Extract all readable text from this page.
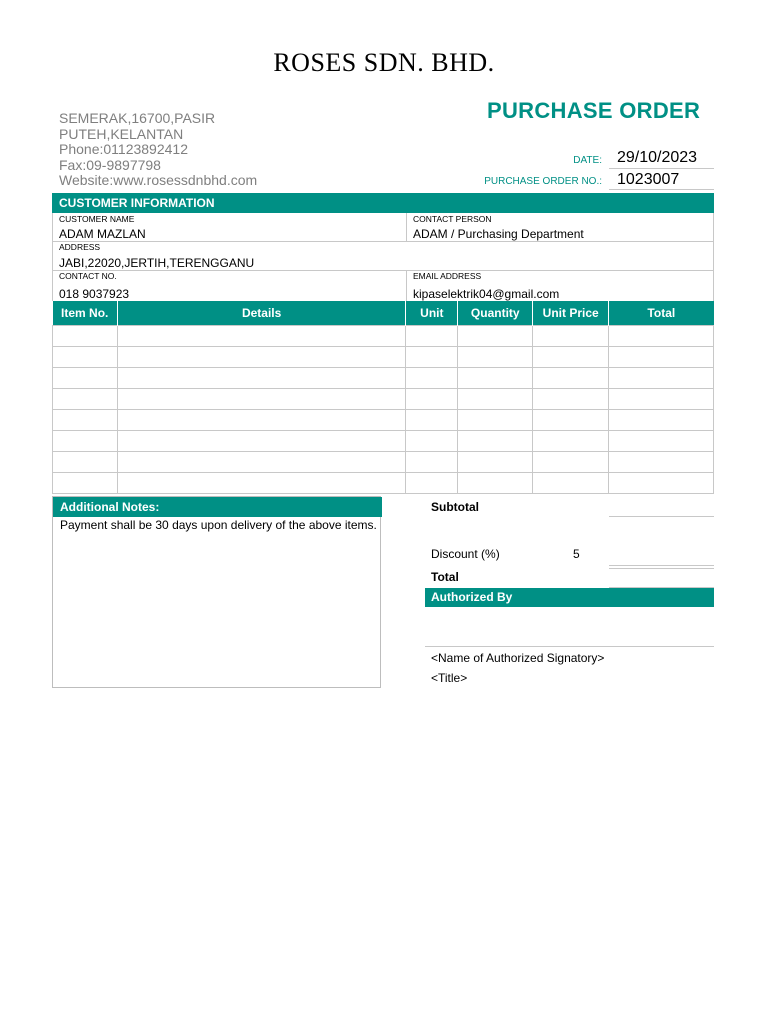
ROSES SDN. BHD.
SEMERAK,16700,PASIR
PUTEH,KELANTAN
Phone:01123892412
Fax:09-9897798
Website:www.rosessdnbhd.com
PURCHASE ORDER
DATE: 29/10/2023
PURCHASE ORDER NO.: 1023007
CUSTOMER INFORMATION
CUSTOMER NAME
ADAM MAZLAN
CONTACT PERSON
ADAM / Purchasing Department
ADDRESS
JABI,22020,JERTIH,TERENGGANU
CONTACT NO.
018 9037923
EMAIL ADDRESS
kipaselektrik04@gmail.com
Item No.	Details	Unit	Quantity	Unit Price	Total

Additional Notes:
Payment shall be 30 days upon delivery of the above items.
Subtotal
Discount (%)	5
Total
Authorized By
<Name of Authorized Signatory>
<Title>
